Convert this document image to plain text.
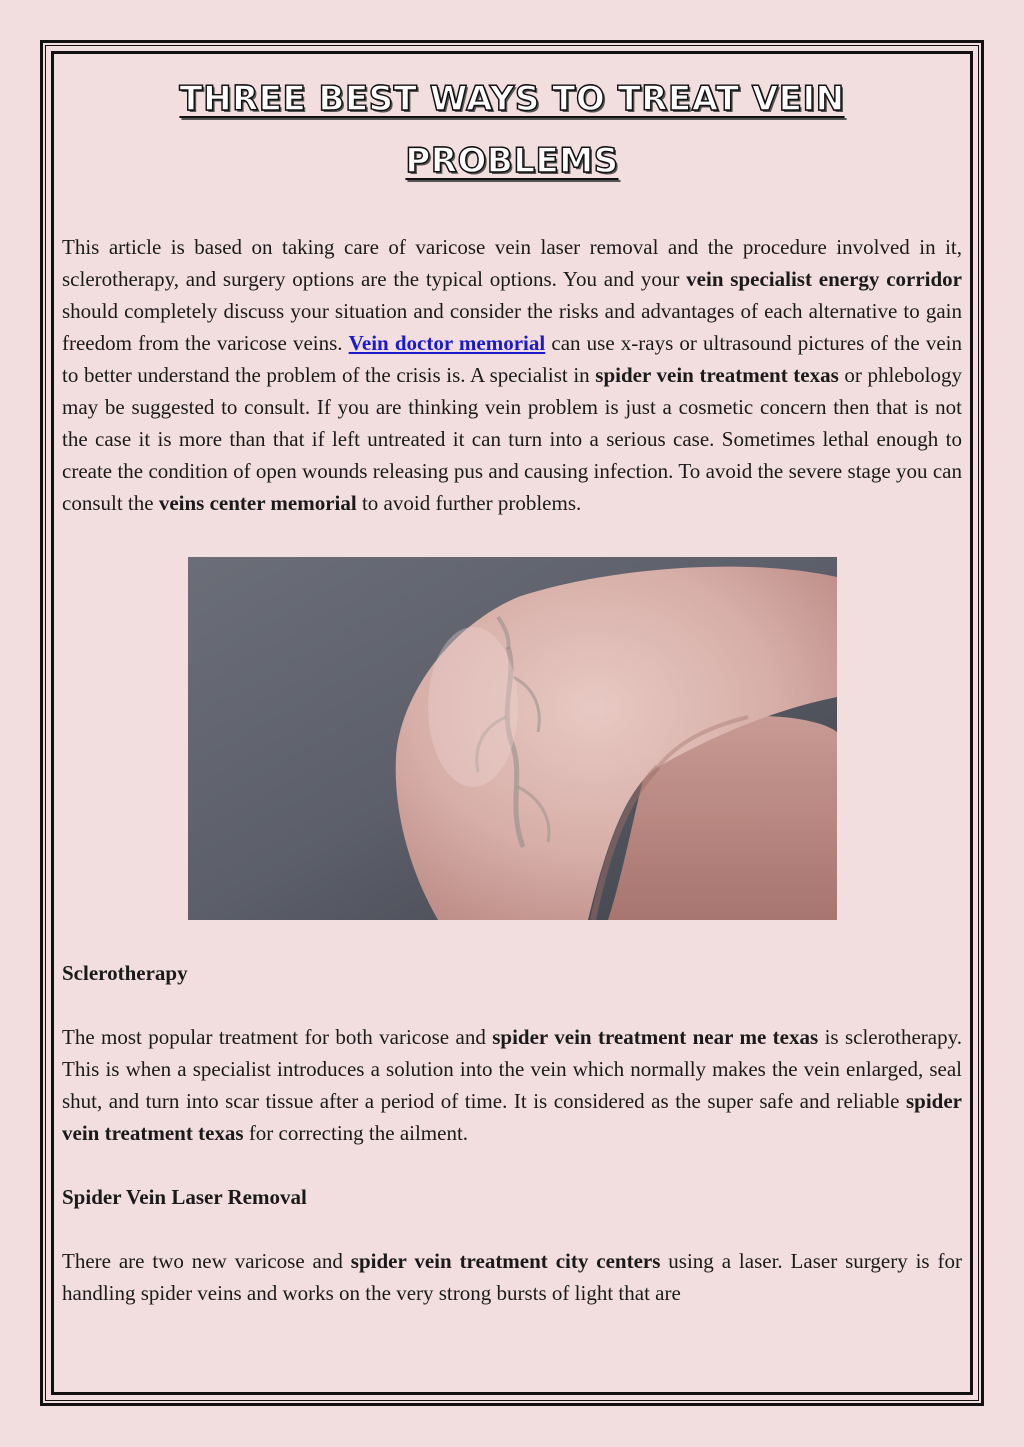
THREE BEST WAYS TO TREAT VEIN
PROBLEMS

This article is based on taking care of varicose vein laser removal and the procedure involved in it, sclerotherapy, and surgery options are the typical options. You and your vein specialist energy corridor should completely discuss your situation and consider the risks and advantages of each alternative to gain freedom from the varicose veins. Vein doctor memorial can use x-rays or ultrasound pictures of the vein to better understand the problem of the crisis is. A specialist in spider vein treatment texas or phlebology may be suggested to consult. If you are thinking vein problem is just a cosmetic concern then that is not the case it is more than that if left untreated it can turn into a serious case. Sometimes lethal enough to create the condition of open wounds releasing pus and causing infection. To avoid the severe stage you can consult the veins center memorial to avoid further problems.

Sclerotherapy

The most popular treatment for both varicose and spider vein treatment near me texas is sclerotherapy. This is when a specialist introduces a solution into the vein which normally makes the vein enlarged, seal shut, and turn into scar tissue after a period of time. It is considered as the super safe and reliable spider vein treatment texas for correcting the ailment.

Spider Vein Laser Removal

There are two new varicose and spider vein treatment city centers using a laser. Laser surgery is for handling spider veins and works on the very strong bursts of light that are
